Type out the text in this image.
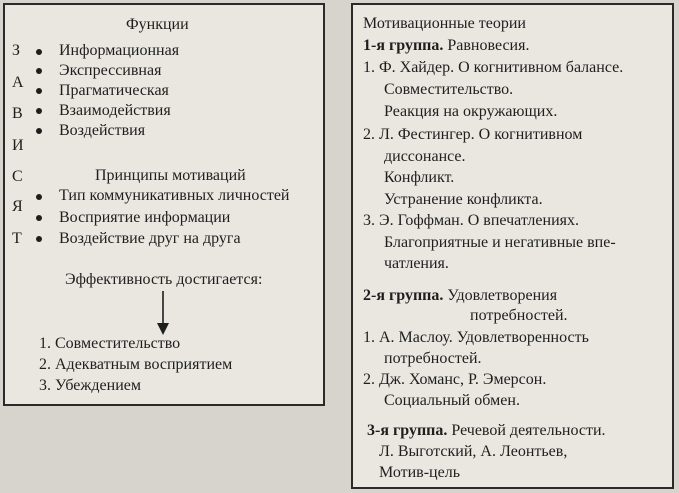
Функции
З
А
В
И
С
Я
Т
Информационная
Экспрессивная
Прагматическая
Взаимодействия
Воздействия
Принципы мотиваций
Тип коммуникативных личностей
Восприятие информации
Воздействие друг на друга
Эффективность достигается:
1. Совместительство
2. Адекватным восприятием
3. Убеждением
Мотивационные теории
1-я группа. Равновесия.
1. Ф. Хайдер. О когнитивном балансе.
Совместительство.
Реакция на окружающих.
2. Л. Фестингер. О когнитивном
диссонансе.
Конфликт.
Устранение конфликта.
3. Э. Гоффман. О впечатлениях.
Благоприятные и негативные впе-
чатления.
2-я группа. Удовлетворения
потребностей.
1. А. Маслоу. Удовлетворенность
потребностей.
2. Дж. Хоманс, Р. Эмерсон.
Социальный обмен.
3-я группа. Речевой деятельности.
Л. Выготский, А. Леонтьев,
Мотив-цель
